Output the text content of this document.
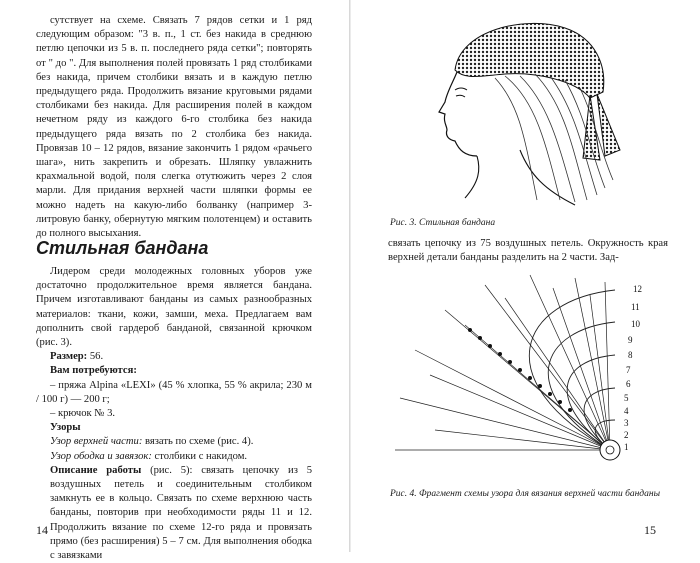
сутствует на схеме. Связать 7 рядов сетки и 1 ряд следующим образом: "3 в. п., 1 ст. без накида в среднюю петлю цепочки из 5 в. п. последнего ряда сетки"; повторять от " до ". Для выполнения полей провязать 1 ряд столбиками без накида, причем столбики вязать и в каждую петлю предыдущего ряда. Продолжить вязание круговыми рядами столбиками без накида. Для расширения полей в каждом нечетном ряду из каждого 6-го столбика без накида предыдущего ряда вязать по 2 столбика без накида. Провязав 10 – 12 рядов, вязание закончить 1 рядом «рачьего шага», нить закрепить и обрезать. Шляпку увлажнить крахмальной водой, поля слегка отутюжить через 2 слоя марли. Для придания верхней части шляпки формы ее можно надеть на какую-либо болванку (например 3-литровую банку, обернутую мягким полотенцем) и оставить до полного высыхания.

Стильная бандана

Лидером среди молодежных головных уборов уже достаточно продолжительное время является бандана. Причем изготавливают банданы из самых разнообразных материалов: ткани, кожи, замши, меха. Предлагаем вам дополнить свой гардероб банданой, связанной крючком (рис. 3).

Размер: 56.

Вам потребуются:

– пряжа Alpina «LEXI» (45 % хлопка, 55 % акрила; 230 м / 100 г) — 200 г;

– крючок № 3.

Узоры

Узор верхней части: вязать по схеме (рис. 4).

Узор ободка и завязок: столбики с накидом.

Описание работы (рис. 5): связать цепочку из 5 воздушных петель и соединительным столбиком замкнуть ее в кольцо. Связать по схеме верхнюю часть банданы, повторив при необходимости ряды 11 и 12. Продолжить вязание по схеме 12-го ряда и провязать прямо (без расширения) 5 – 7 см. Для выполнения ободка с завязками

14
Рис. 3. Стильная бандана
связать цепочку из 75 воздушных петель. Окружность края верхней детали банданы разделить на 2 части. Зад-
12
11
10
9
8
7
6
5
4
3
2
1
Рис. 4. Фрагмент схемы узора для вязания верхней части банданы
15
